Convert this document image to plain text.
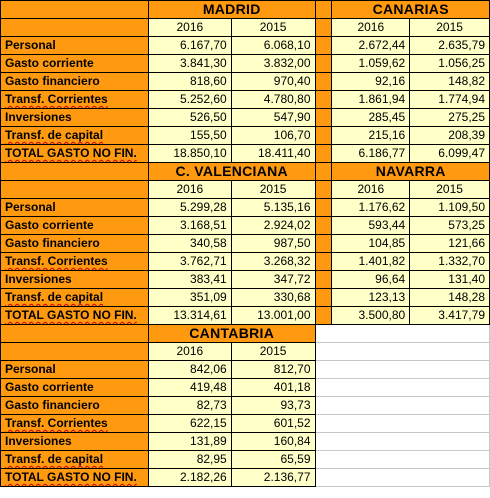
	MADRID			CANARIAS	
	2016	2015		2016	2015
Personal	6.167,70	6.068,10		2.672,44	2.635,79
Gasto corriente	3.841,30	3.832,00		1.059,62	1.056,25
Gasto financiero	818,60	970,40		92,16	148,82
Transf. Corrientes	5.252,60	4.780,80		1.861,94	1.774,94
Inversiones	526,50	547,90		285,45	275,25
Transf. de capital	155,50	106,70		215,16	208,39
TOTAL GASTO NO FIN.	18.850,10	18.411,40		6.186,77	6.099,47
	C. VALENCIANA			NAVARRA	
	2016	2015		2016	2015
Personal	5.299,28	5.135,16		1.176,62	1.109,50
Gasto corriente	3.168,51	2.924,02		593,44	573,25
Gasto financiero	340,58	987,50		104,85	121,66
Transf. Corrientes	3.762,71	3.268,32		1.401,82	1.332,70
Inversiones	383,41	347,72		96,64	131,40
Transf. de capital	351,09	330,68		123,13	148,28
TOTAL GASTO NO FIN.	13.314,61	13.001,00		3.500,80	3.417,79
	CANTABRIA				
	2016	2015			
Personal	842,06	812,70			
Gasto corriente	419,48	401,18			
Gasto financiero	82,73	93,73			
Transf. Corrientes	622,15	601,52			
Inversiones	131,89	160,84			
Transf. de capital	82,95	65,59			
TOTAL GASTO NO FIN.	2.182,26	2.136,77			
